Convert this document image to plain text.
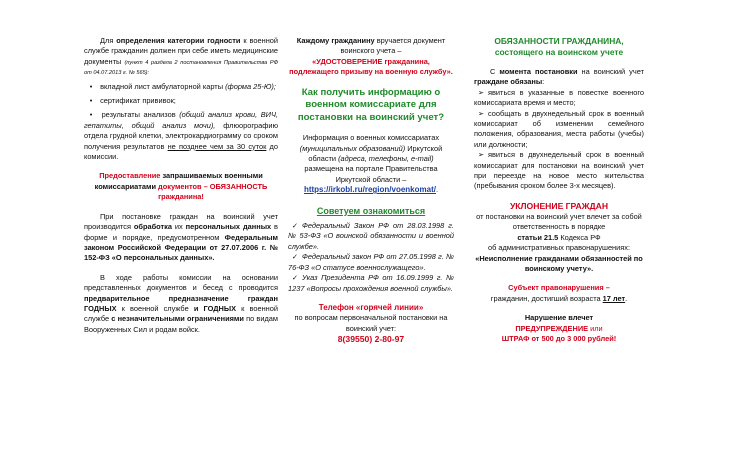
Для определения категории годности к военной службе гражданин должен при себе иметь медицинские документы (пункт 4 раздела 2 постановления Правительства РФ от 04.07.2013 г. № 565):

• вкладной лист амбулаторной карты (форма 25-Ю);

• сертификат прививок;

• результаты анализов (общий анализ крови, ВИЧ, гепатиты, общий анализ мочи), флюорографию отдела грудной клетки, электрокардиограмму со сроком получения результатов не позднее чем за 30 суток до комиссии.

Предоставление запрашиваемых военными комиссариатами документов – ОБЯЗАННОСТЬ гражданина!

При постановке граждан на воинский учет производится обработка их персональных данных в форме и порядке, предусмотренном Федеральным законом Российской Федерации от 27.07.2006 г. № 152-ФЗ «О персональных данных».

В ходе работы комиссии на основании представленных документов и бесед с проводится предварительное предназначение граждан ГОДНЫХ к военной службе и ГОДНЫХ к военной службе с незначительными ограничениями по видам Вооруженных Сил и родам войск.

Каждому гражданину вручается документ воинского учета –
«УДОСТОВЕРЕНИЕ гражданина, подлежащего призыву на военную службу».

Как получить информацию о военном комиссариате для постановки на воинский учет?

Информация о военных комиссариатах (муниципальных образований) Иркутской области (адреса, телефоны, e-mail) размещена на портале Правительства Иркутской области –
https://irkobl.ru/region/voenkomat/.

Советуем ознакомиться

✓ Федеральный Закон РФ от 28.03.1998 г. № 53-ФЗ «О воинской обязанности и военной службе».

✓ Федеральный закон РФ от 27.05.1998 г. № 76-ФЗ «О статусе военнослужащего».

✓ Указ Президента РФ от 16.09.1999 г. № 1237 «Вопросы прохождения военной службы».

Телефон «горячей линии»

по вопросам первоначальной постановки на воинский учет:

8(39550) 2-80-97

ОБЯЗАННОСТИ ГРАЖДАНИНА, состоящего на воинском учете

С момента постановки на воинский учет граждане обязаны:

➢ явиться в указанные в повестке военного комиссариата время и место;

➢ сообщать в двухнедельный срок в военный комиссариат об изменении семейного положения, образования, места работы (учебы) или должности;

➢ явиться в двухнедельный срок в военный комиссариат для постановки на воинский учет при переезде на новое место жительства (пребывания сроком более 3-х месяцев).

УКЛОНЕНИЕ ГРАЖДАН

от постановки на воинский учет влечет за собой ответственность в порядке
статьи 21.5 Кодекса РФ
об административных правонарушениях:
«Неисполнение гражданами обязанностей по воинскому учету».

Субъект правонарушения –

гражданин, достигший возраста 17 лет.

Нарушение влечет

ПРЕДУПРЕЖДЕНИЕ или

ШТРАФ от 500 до 3 000 рублей!
